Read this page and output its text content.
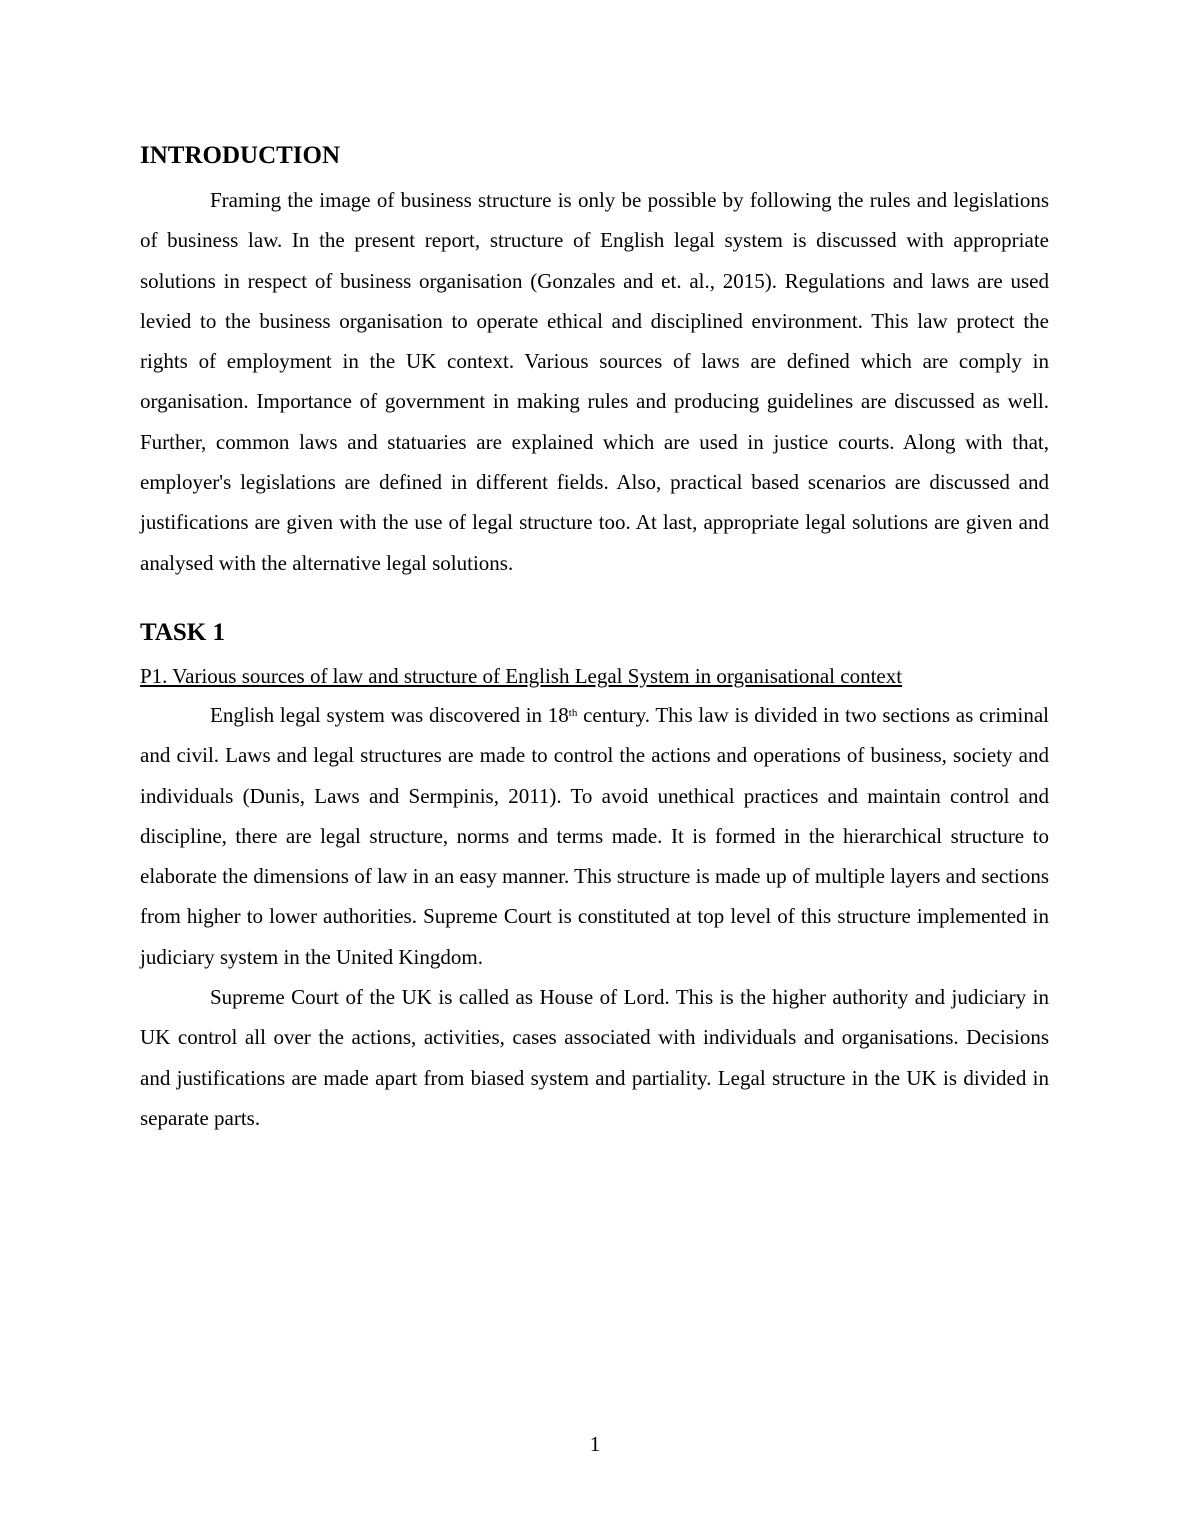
INTRODUCTION

Framing the image of business structure is only be possible by following the rules and legislations of business law. In the present report, structure of English legal system is discussed with appropriate solutions in respect of business organisation (Gonzales and et. al., 2015). Regulations and laws are used levied to the business organisation to operate ethical and disciplined environment. This law protect the rights of employment in the UK context. Various sources of laws are defined which are comply in organisation. Importance of government in making rules and producing guidelines are discussed as well. Further, common laws and statuaries are explained which are used in justice courts. Along with that, employer's legislations are defined in different fields. Also, practical based scenarios are discussed and justifications are given with the use of legal structure too. At last, appropriate legal solutions are given and analysed with the alternative legal solutions.

TASK 1
P1. Various sources of law and structure of English Legal System in organisational context

English legal system was discovered in 18th century. This law is divided in two sections as criminal and civil. Laws and legal structures are made to control the actions and operations of business, society and individuals (Dunis, Laws and Sermpinis, 2011). To avoid unethical practices and maintain control and discipline, there are legal structure, norms and terms made. It is formed in the hierarchical structure to elaborate the dimensions of law in an easy manner. This structure is made up of multiple layers and sections from higher to lower authorities. Supreme Court is constituted at top level of this structure implemented in judiciary system in the United Kingdom.

Supreme Court of the UK is called as House of Lord. This is the higher authority and judiciary in UK control all over the actions, activities, cases associated with individuals and organisations. Decisions and justifications are made apart from biased system and partiality. Legal structure in the UK is divided in separate parts.

1
